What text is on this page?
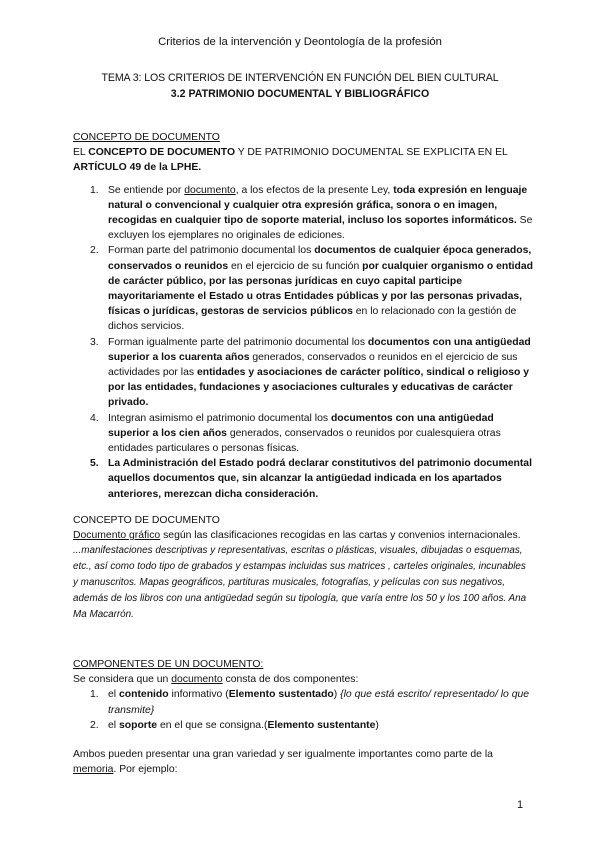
Criterios de la intervención y Deontología de la profesión
TEMA 3: LOS CRITERIOS DE INTERVENCIÓN EN FUNCIÓN DEL BIEN CULTURAL
3.2 PATRIMONIO DOCUMENTAL Y BIBLIOGRÁFICO
CONCEPTO DE DOCUMENTO
EL CONCEPTO DE DOCUMENTO Y DE PATRIMONIO DOCUMENTAL SE EXPLICITA EN EL ARTÍCULO 49 de la LPHE.
1. Se entiende por documento, a los efectos de la presente Ley, toda expresión en lenguaje natural o convencional y cualquier otra expresión gráfica, sonora o en imagen, recogidas en cualquier tipo de soporte material, incluso los soportes informáticos. Se excluyen los ejemplares no originales de ediciones.
2. Forman parte del patrimonio documental los documentos de cualquier época generados, conservados o reunidos en el ejercicio de su función por cualquier organismo o entidad de carácter público, por las personas jurídicas en cuyo capital participe mayoritariamente el Estado u otras Entidades públicas y por las personas privadas, físicas o jurídicas, gestoras de servicios públicos en lo relacionado con la gestión de dichos servicios.
3. Forman igualmente parte del patrimonio documental los documentos con una antigüedad superior a los cuarenta años generados, conservados o reunidos en el ejercicio de sus actividades por las entidades y asociaciones de carácter político, sindical o religioso y por las entidades, fundaciones y asociaciones culturales y educativas de carácter privado.
4. Integran asimismo el patrimonio documental los documentos con una antigüedad superior a los cien años generados, conservados o reunidos por cualesquiera otras entidades particulares o personas físicas.
5. La Administración del Estado podrá declarar constitutivos del patrimonio documental aquellos documentos que, sin alcanzar la antigüedad indicada en los apartados anteriores, merezcan dicha consideración.
CONCEPTO DE DOCUMENTO
Documento gráfico según las clasificaciones recogidas en las cartas y convenios internacionales.
...manifestaciones descriptivas y representativas, escritas o plásticas, visuales, dibujadas o esquemas, etc., así como todo tipo de grabados y estampas incluidas sus matrices , carteles originales, incunables y manuscritos. Mapas geográficos, partituras musicales, fotografías, y películas con sus negativos, además de los libros con una antigüedad según su tipología, que varía entre los 50 y los 100 años. Ana Ma Macarrón.
COMPONENTES DE UN DOCUMENTO:
Se considera que un documento consta de dos componentes:
1. el contenido informativo (Elemento sustentado) {lo que está escrito/ representado/ lo que transmite}
2. el soporte en el que se consigna.(Elemento sustentante)
Ambos pueden presentar una gran variedad y ser igualmente importantes como parte de la memoria. Por ejemplo:
1
